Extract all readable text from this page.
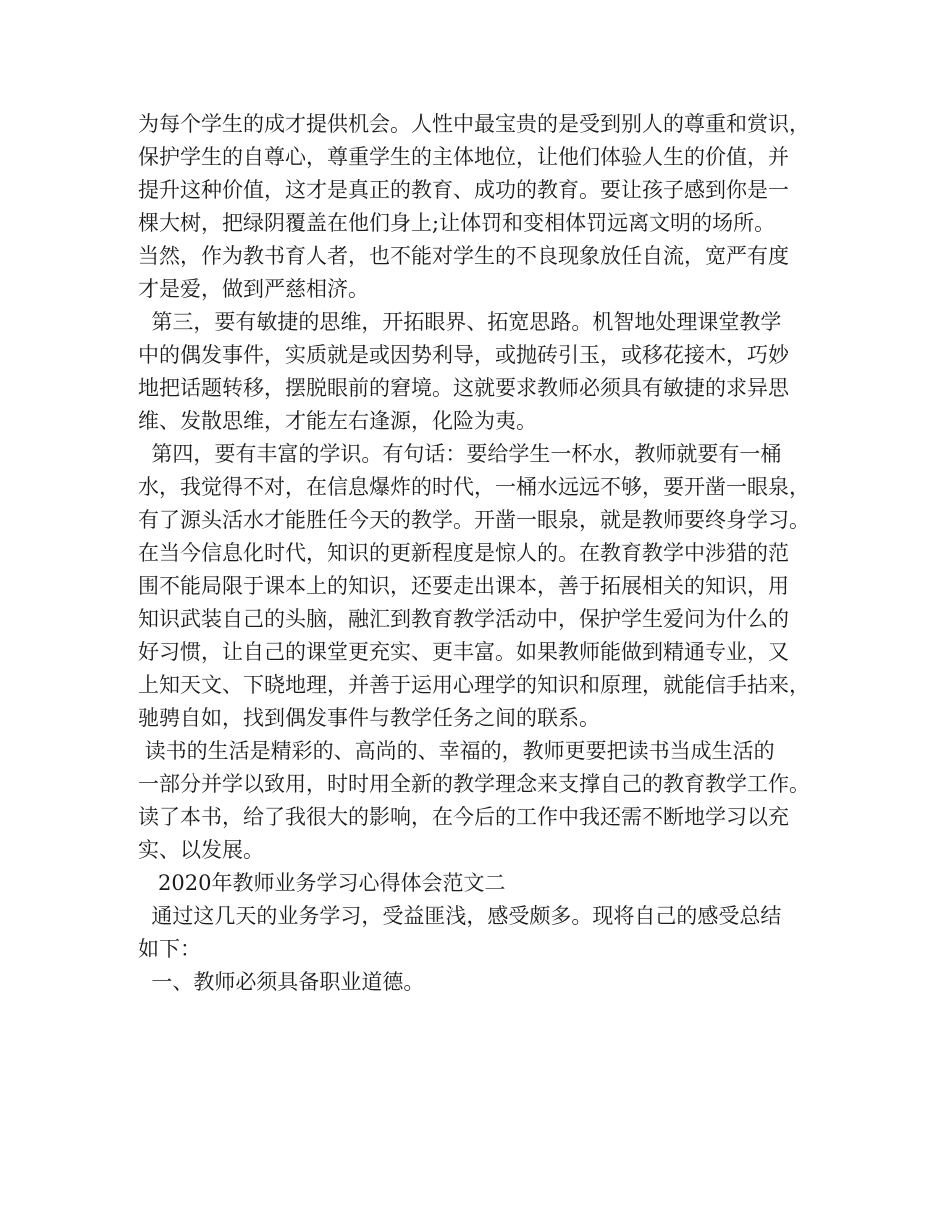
为每个学生的成才提供机会。人性中最宝贵的是受到别人的尊重和赏识，
保护学生的自尊心，尊重学生的主体地位，让他们体验人生的价值，并
提升这种价值，这才是真正的教育、成功的教育。要让孩子感到你是一
棵大树，把绿阴覆盖在他们身上;让体罚和变相体罚远离文明的场所。
当然，作为教书育人者，也不能对学生的不良现象放任自流，宽严有度
才是爱，做到严慈相济。
第三，要有敏捷的思维，开拓眼界、拓宽思路。机智地处理课堂教学
中的偶发事件，实质就是或因势利导，或抛砖引玉，或移花接木，巧妙
地把话题转移，摆脱眼前的窘境。这就要求教师必须具有敏捷的求异思
维、发散思维，才能左右逢源，化险为夷。
第四，要有丰富的学识。有句话：要给学生一杯水，教师就要有一桶
水，我觉得不对，在信息爆炸的时代，一桶水远远不够，要开凿一眼泉，
有了源头活水才能胜任今天的教学。开凿一眼泉，就是教师要终身学习。
在当今信息化时代，知识的更新程度是惊人的。在教育教学中涉猎的范
围不能局限于课本上的知识，还要走出课本，善于拓展相关的知识，用
知识武装自己的头脑，融汇到教育教学活动中，保护学生爱问为什么的
好习惯，让自己的课堂更充实、更丰富。如果教师能做到精通专业，又
上知天文、下晓地理，并善于运用心理学的知识和原理，就能信手拈来，
驰骋自如，找到偶发事件与教学任务之间的联系。
读书的生活是精彩的、高尚的、幸福的，教师更要把读书当成生活的
一部分并学以致用，时时用全新的教学理念来支撑自己的教育教学工作。
读了本书，给了我很大的影响，在今后的工作中我还需不断地学习以充
实、以发展。
2020年教师业务学习心得体会范文二
通过这几天的业务学习，受益匪浅，感受颇多。现将自己的感受总结
如下：
一、教师必须具备职业道德。
